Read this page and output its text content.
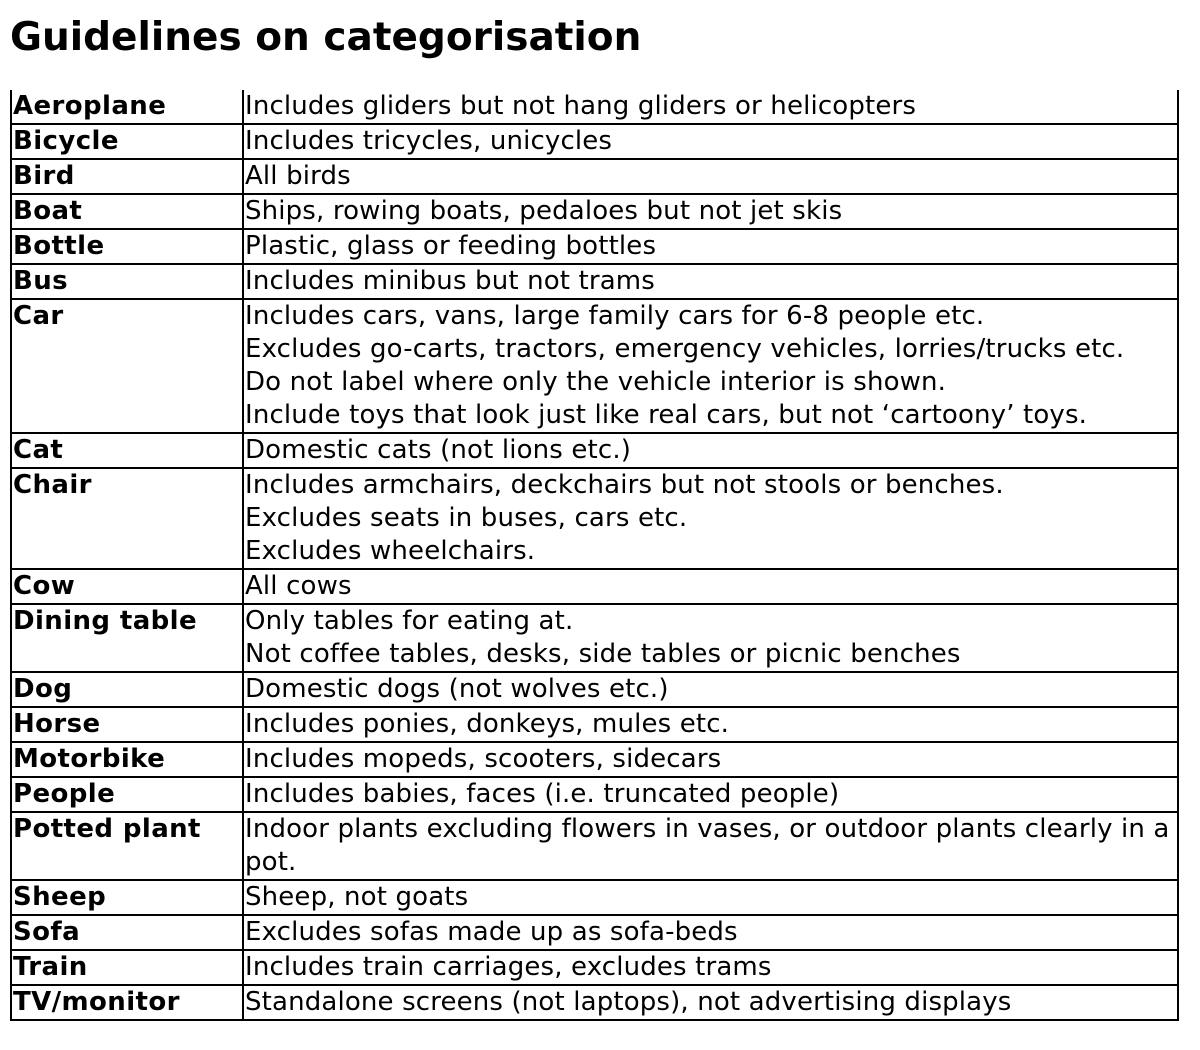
Guidelines on categorisation
Aeroplane	Includes gliders but not hang gliders or helicopters

Bicycle	Includes tricycles, unicycles

Bird	All birds

Boat	Ships, rowing boats, pedaloes but not jet skis

Bottle	Plastic, glass or feeding bottles

Bus	Includes minibus but not trams

Car	Includes cars, vans, large family cars for 6-8 people etc.
Excludes go-carts, tractors, emergency vehicles, lorries/trucks etc.
Do not label where only the vehicle interior is shown.
Include toys that look just like real cars, but not ‘cartoony’ toys.

Cat	Domestic cats (not lions etc.)

Chair	Includes armchairs, deckchairs but not stools or benches.
Excludes seats in buses, cars etc.
Excludes wheelchairs.

Cow	All cows

Dining table	Only tables for eating at.
Not coffee tables, desks, side tables or picnic benches

Dog	Domestic dogs (not wolves etc.)

Horse	Includes ponies, donkeys, mules etc.

Motorbike	Includes mopeds, scooters, sidecars

People	Includes babies, faces (i.e. truncated people)

Potted plant	Indoor plants excluding flowers in vases, or outdoor plants clearly in a pot.

Sheep	Sheep, not goats

Sofa	Excludes sofas made up as sofa-beds

Train	Includes train carriages, excludes trams

TV/monitor	Standalone screens (not laptops), not advertising displays
